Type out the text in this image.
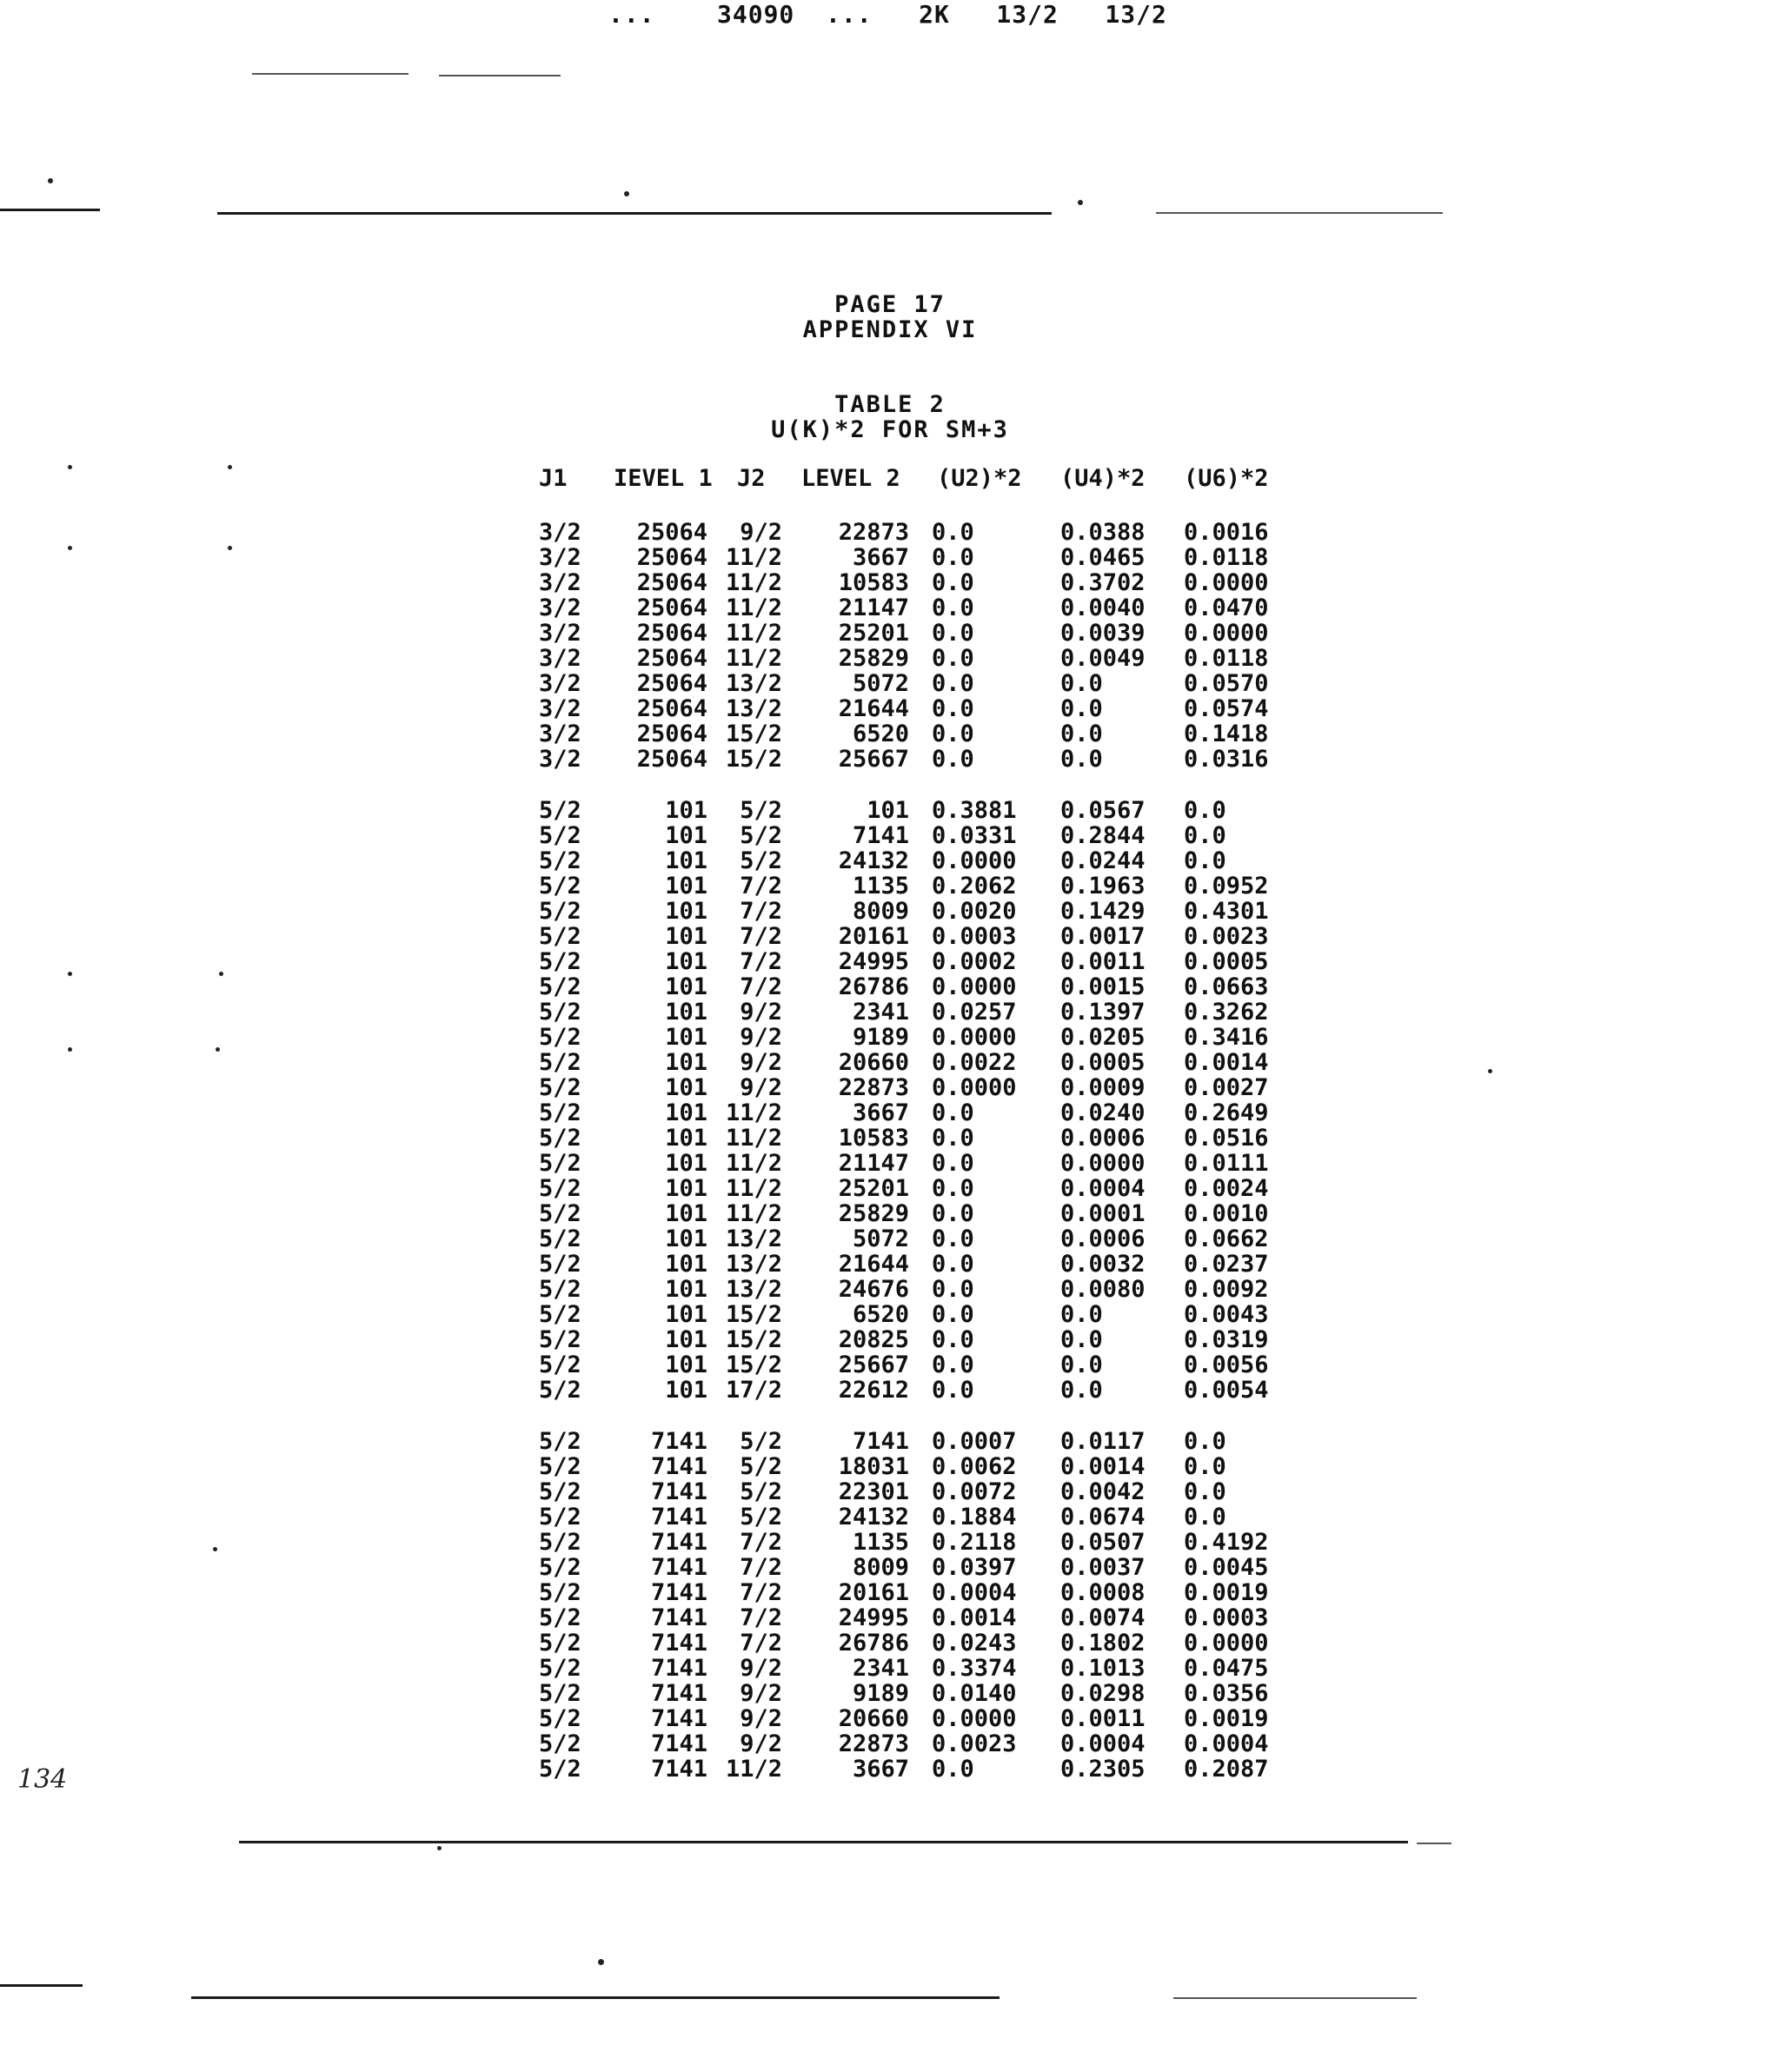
...    34090  ...   2K   13/2   13/2
PAGE 17
APPENDIX VI
TABLE 2
U(K)*2 FOR SM+3
J1	IEVEL 1	J2	LEVEL 2	(U2)*2	(U4)*2	(U6)*2
3/2	25064	9/2	22873 0.0	0.0388	0.0016
3/2	25064 11/2	3667 0.0	0.0465	0.0118
3/2	25064 11/2	10583 0.0	0.3702	0.0000
3/2	25064 11/2	21147 0.0	0.0040	0.0470
3/2	25064 11/2	25201 0.0	0.0039	0.0000
3/2	25064 11/2	25829 0.0	0.0049	0.0118
3/2	25064 13/2	5072 0.0	0.0	0.0570
3/2	25064 13/2	21644 0.0	0.0	0.0574
3/2	25064 15/2	6520 0.0	0.0	0.1418
3/2	25064 15/2	25667 0.0	0.0	0.0316
5/2	101	5/2	101 0.3881	0.0567	0.0
5/2	101	5/2	7141 0.0331	0.2844	0.0
5/2	101	5/2	24132 0.0000	0.0244	0.0
5/2	101	7/2	1135 0.2062	0.1963	0.0952
5/2	101	7/2	8009 0.0020	0.1429	0.4301
5/2	101	7/2	20161 0.0003	0.0017	0.0023
5/2	101	7/2	24995 0.0002	0.0011	0.0005
5/2	101	7/2	26786 0.0000	0.0015	0.0663
5/2	101	9/2	2341 0.0257	0.1397	0.3262
5/2	101	9/2	9189 0.0000	0.0205	0.3416
5/2	101	9/2	20660 0.0022	0.0005	0.0014
5/2	101	9/2	22873 0.0000	0.0009	0.0027
5/2	101 11/2	3667 0.0	0.0240	0.2649
5/2	101 11/2	10583 0.0	0.0006	0.0516
5/2	101 11/2	21147 0.0	0.0000	0.0111
5/2	101 11/2	25201 0.0	0.0004	0.0024
5/2	101 11/2	25829 0.0	0.0001	0.0010
5/2	101 13/2	5072 0.0	0.0006	0.0662
5/2	101 13/2	21644 0.0	0.0032	0.0237
5/2	101 13/2	24676 0.0	0.0080	0.0092
5/2	101 15/2	6520 0.0	0.0	0.0043
5/2	101 15/2	20825 0.0	0.0	0.0319
5/2	101 15/2	25667 0.0	0.0	0.0056
5/2	101 17/2	22612 0.0	0.0	0.0054
5/2	7141	5/2	7141 0.0007	0.0117	0.0
5/2	7141	5/2	18031 0.0062	0.0014	0.0
5/2	7141	5/2	22301 0.0072	0.0042	0.0
5/2	7141	5/2	24132 0.1884	0.0674	0.0
5/2	7141	7/2	1135 0.2118	0.0507	0.4192
5/2	7141	7/2	8009 0.0397	0.0037	0.0045
5/2	7141	7/2	20161 0.0004	0.0008	0.0019
5/2	7141	7/2	24995 0.0014	0.0074	0.0003
5/2	7141	7/2	26786 0.0243	0.1802	0.0000
5/2	7141	9/2	2341 0.3374	0.1013	0.0475
5/2	7141	9/2	9189 0.0140	0.0298	0.0356
5/2	7141	9/2	20660 0.0000	0.0011	0.0019
5/2	7141	9/2	22873 0.0023	0.0004	0.0004
5/2	7141 11/2	3667 0.0	0.2305	0.2087
134
